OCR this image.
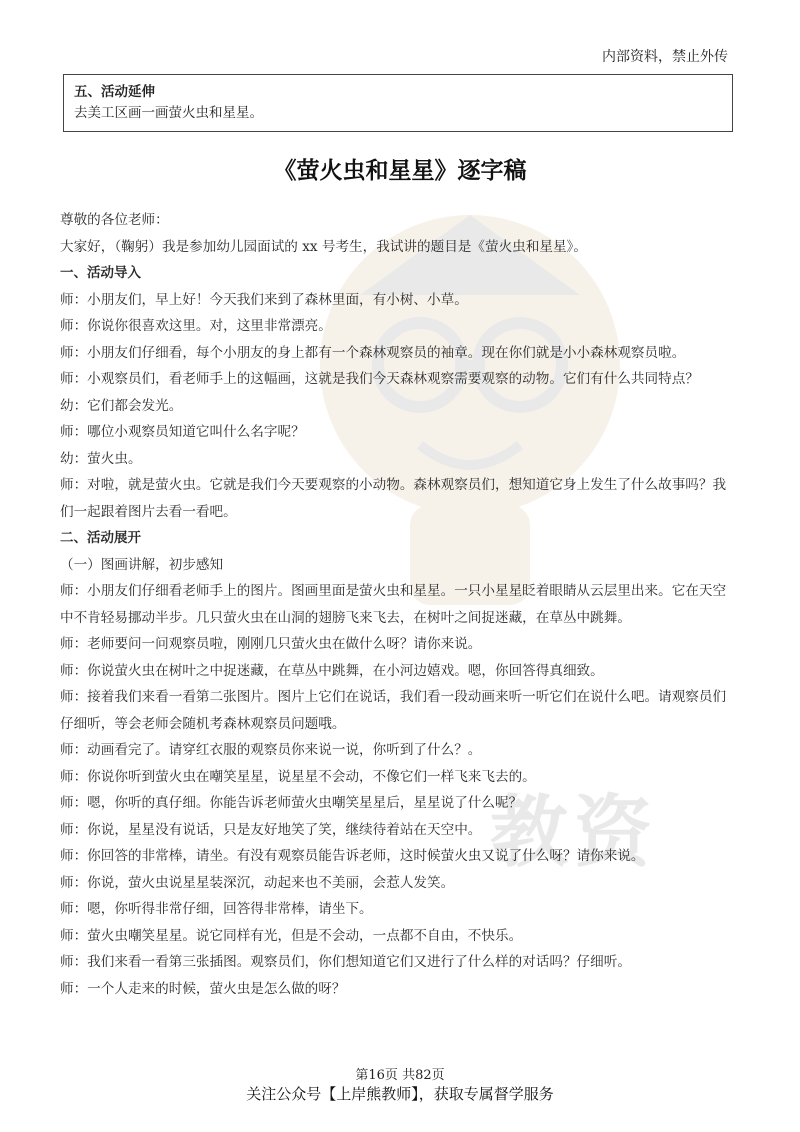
教资
内部资料，禁止外传
五、活动延伸
去美工区画一画萤火虫和星星。
《萤火虫和星星》逐字稿
尊敬的各位老师：
大家好，（鞠躬）我是参加幼儿园面试的 xx 号考生，我试讲的题目是《萤火虫和星星》。
一、活动导入
师：小朋友们，早上好！今天我们来到了森林里面，有小树、小草。
师：你说你很喜欢这里。对，这里非常漂亮。
师：小朋友们仔细看，每个小朋友的身上都有一个森林观察员的袖章。现在你们就是小小森林观察员啦。
师：小观察员们，看老师手上的这幅画，这就是我们今天森林观察需要观察的动物。它们有什么共同特点？
幼：它们都会发光。
师：哪位小观察员知道它叫什么名字呢？
幼：萤火虫。
师：对啦，就是萤火虫。它就是我们今天要观察的小动物。森林观察员们，想知道它身上发生了什么故事吗？我
们一起跟着图片去看一看吧。
二、活动展开
（一）图画讲解，初步感知
师：小朋友们仔细看老师手上的图片。图画里面是萤火虫和星星。一只小星星眨着眼睛从云层里出来。它在天空
中不肯轻易挪动半步。几只萤火虫在山洞的翅膀飞来飞去，在树叶之间捉迷藏，在草丛中跳舞。
师：老师要问一问观察员啦，刚刚几只萤火虫在做什么呀？请你来说。
师：你说萤火虫在树叶之中捉迷藏，在草丛中跳舞，在小河边嬉戏。嗯，你回答得真细致。
师：接着我们来看一看第二张图片。图片上它们在说话，我们看一段动画来听一听它们在说什么吧。请观察员们
仔细听，等会老师会随机考森林观察员问题哦。
师：动画看完了。请穿红衣服的观察员你来说一说，你听到了什么？。
师：你说你听到萤火虫在嘲笑星星，说星星不会动，不像它们一样飞来飞去的。
师：嗯，你听的真仔细。你能告诉老师萤火虫嘲笑星星后，星星说了什么呢？
师：你说，星星没有说话，只是友好地笑了笑，继续待着站在天空中。
师：你回答的非常棒，请坐。有没有观察员能告诉老师，这时候萤火虫又说了什么呀？请你来说。
师：你说，萤火虫说星星装深沉，动起来也不美丽，会惹人发笑。
师：嗯，你听得非常仔细，回答得非常棒，请坐下。
师：萤火虫嘲笑星星。说它同样有光，但是不会动，一点都不自由，不快乐。
师：我们来看一看第三张插图。观察员们，你们想知道它们又进行了什么样的对话吗？仔细听。
师：一个人走来的时候，萤火虫是怎么做的呀？
第16页 共82页
关注公众号【上岸熊教师】，获取专属督学服务
